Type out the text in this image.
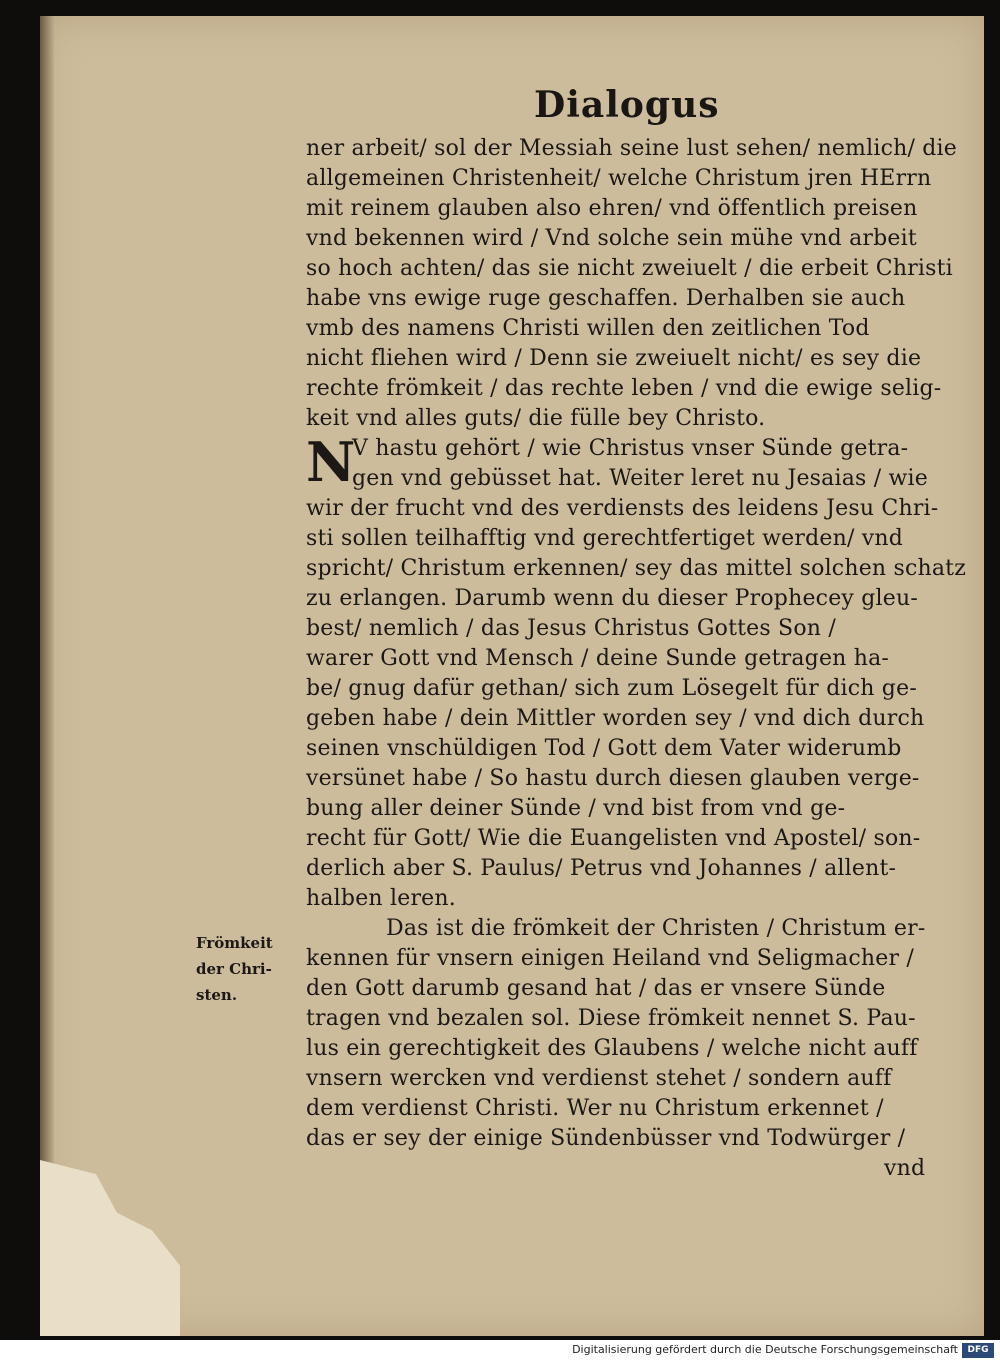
Dialogus
N
ner arbeit/ sol der Messiah seine lust sehen/ nemlich/ die
allgemeinen Christenheit/ welche Christum jren HErrn
mit reinem glauben also ehren/ vnd öffentlich preisen
vnd bekennen wird / Vnd solche sein mühe vnd arbeit
so hoch achten/ das sie nicht zweiuelt / die erbeit Christi
habe vns ewige ruge geschaffen. Derhalben sie auch
vmb des namens Christi willen den zeitlichen Tod
nicht fliehen wird / Denn sie zweiuelt nicht/ es sey die
rechte frömkeit / das rechte leben / vnd die ewige selig-
keit vnd alles guts/ die fülle bey Christo.
V hastu gehört / wie Christus vnser Sünde getra-
gen vnd gebüsset hat. Weiter leret nu Jesaias / wie
wir der frucht vnd des verdiensts des leidens Jesu Chri-
sti sollen teilhafftig vnd gerechtfertiget werden/ vnd
spricht/ Christum erkennen/ sey das mittel solchen schatz
zu erlangen. Darumb wenn du dieser Prophecey gleu-
best/ nemlich / das Jesus Christus Gottes Son /
warer Gott vnd Mensch / deine Sunde getragen ha-
be/ gnug dafür gethan/ sich zum Lösegelt für dich ge-
geben habe / dein Mittler worden sey / vnd dich durch
seinen vnschüldigen Tod / Gott dem Vater widerumb
versünet habe / So hastu durch diesen glauben verge-
bung aller deiner Sünde / vnd bist from vnd ge-
recht für Gott/ Wie die Euangelisten vnd Apostel/ son-
derlich aber S. Paulus/ Petrus vnd Johannes / allent-
halben leren.
Das ist die frömkeit der Christen / Christum er-
kennen für vnsern einigen Heiland vnd Seligmacher /
den Gott darumb gesand hat / das er vnsere Sünde
tragen vnd bezalen sol. Diese frömkeit nennet S. Pau-
lus ein gerechtigkeit des Glaubens / welche nicht auff
vnsern wercken vnd verdienst stehet / sondern auff
dem verdienst Christi. Wer nu Christum erkennet /
das er sey der einige Sündenbüsser vnd Todwürger /
vnd
Frömkeit
der Chri-
sten.
Digitalisierung gefördert durch die Deutsche Forschungsgemeinschaft	DFG
